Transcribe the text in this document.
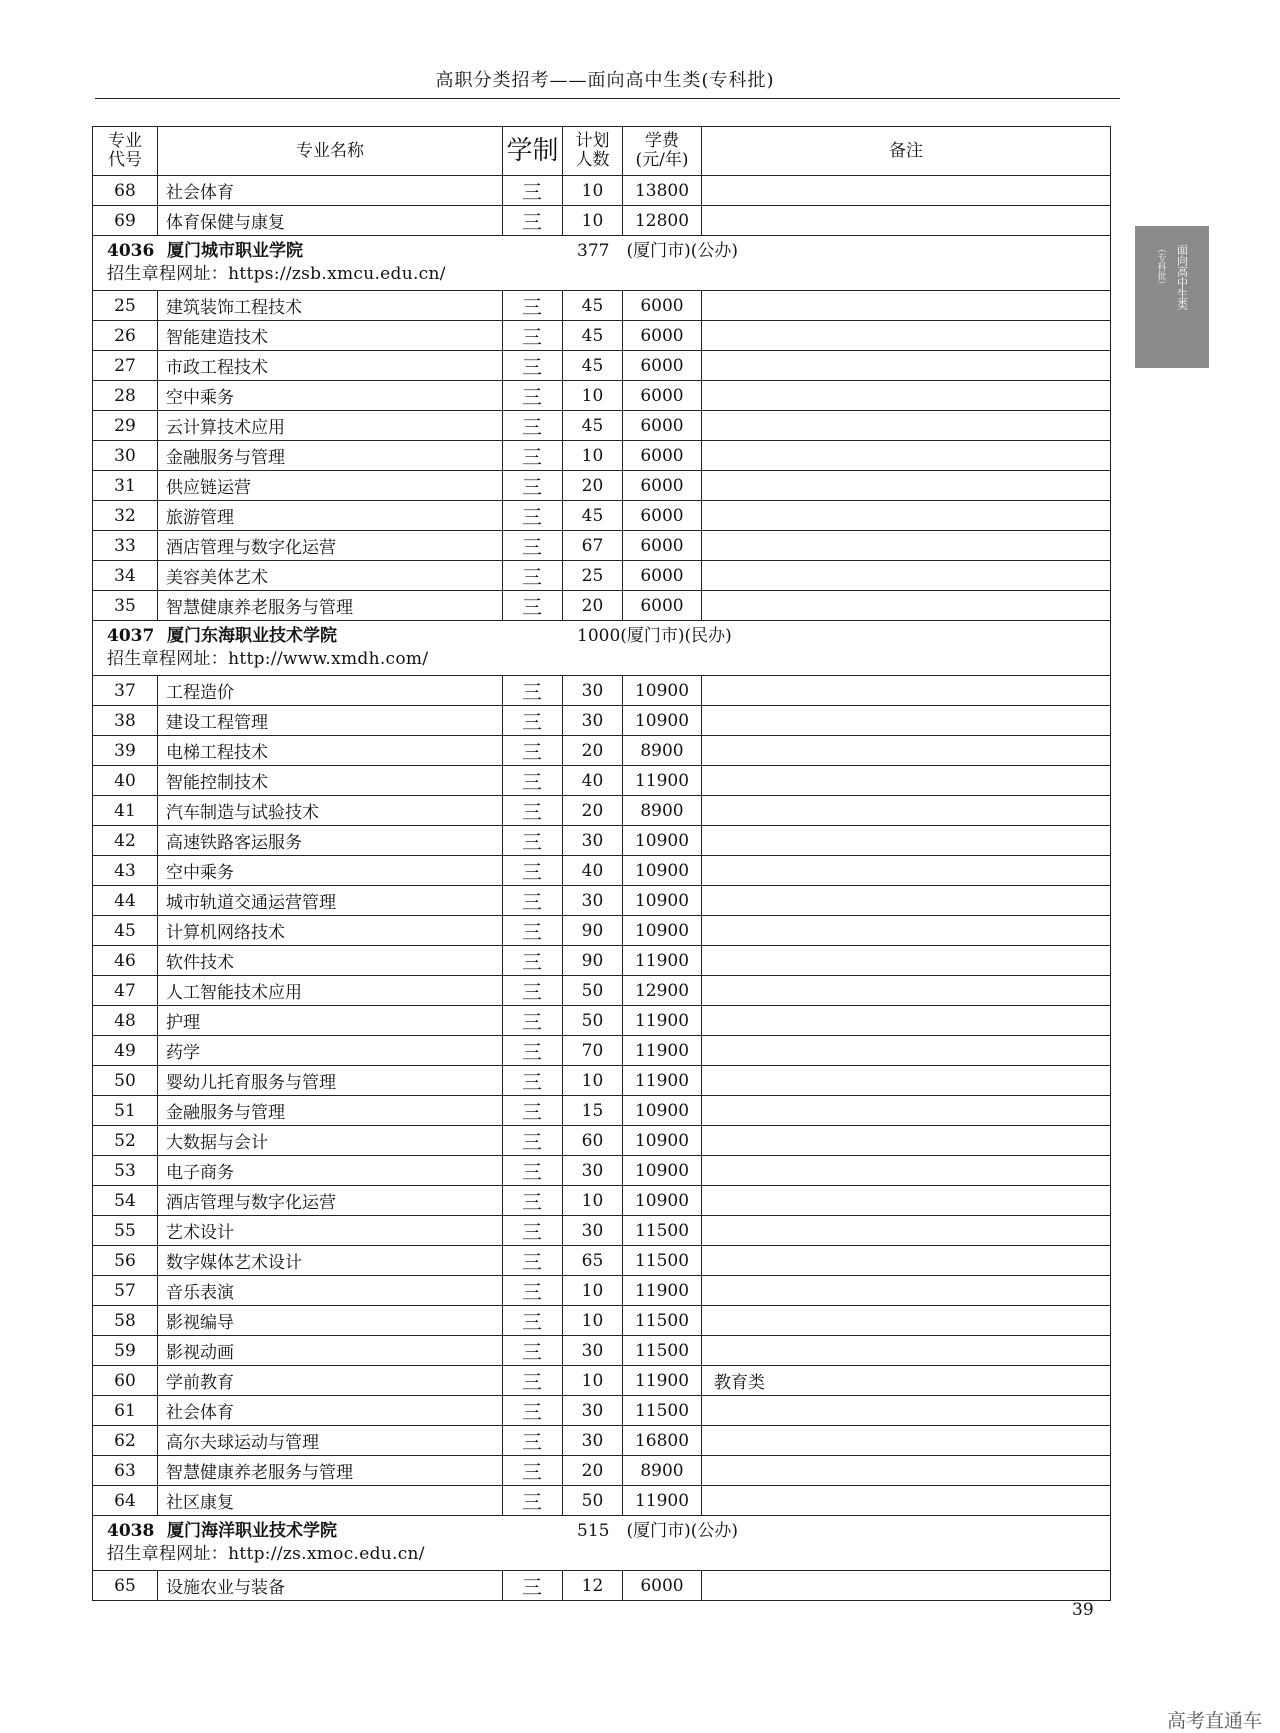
高职分类招考——面向高中生类(专科批)
面向高中生类
（专科批）
专业
代号	专业名称	学制	计划
人数	学费
(元/年)	备注
68	社会体育	三	10	13800	
69	体育保健与康复	三	10	12800	

4036 厦门城市职业学院 377　(厦门市)(公办)
招生章程网址：https://zsb.xmcu.edu.cn/					

25	建筑装饰工程技术	三	45	6000	
26	智能建造技术	三	45	6000	
27	市政工程技术	三	45	6000	
28	空中乘务	三	10	6000	
29	云计算技术应用	三	45	6000	
30	金融服务与管理	三	10	6000	
31	供应链运营	三	20	6000	
32	旅游管理	三	45	6000	
33	酒店管理与数字化运营	三	67	6000	
34	美容美体艺术	三	25	6000	
35	智慧健康养老服务与管理	三	20	6000	

4037 厦门东海职业技术学院 1000(厦门市)(民办)
招生章程网址：http://www.xmdh.com/					

37	工程造价	三	30	10900	
38	建设工程管理	三	30	10900	
39	电梯工程技术	三	20	8900	
40	智能控制技术	三	40	11900	
41	汽车制造与试验技术	三	20	8900	
42	高速铁路客运服务	三	30	10900	
43	空中乘务	三	40	10900	
44	城市轨道交通运营管理	三	30	10900	
45	计算机网络技术	三	90	10900	
46	软件技术	三	90	11900	
47	人工智能技术应用	三	50	12900	
48	护理	三	50	11900	
49	药学	三	70	11900	
50	婴幼儿托育服务与管理	三	10	11900	
51	金融服务与管理	三	15	10900	
52	大数据与会计	三	60	10900	
53	电子商务	三	30	10900	
54	酒店管理与数字化运营	三	10	10900	
55	艺术设计	三	30	11500	
56	数字媒体艺术设计	三	65	11500	
57	音乐表演	三	10	11900	
58	影视编导	三	10	11500	
59	影视动画	三	30	11500	
60	学前教育	三	10	11900	教育类
61	社会体育	三	30	11500	
62	高尔夫球运动与管理	三	30	16800	
63	智慧健康养老服务与管理	三	20	8900	
64	社区康复	三	50	11900	

4038 厦门海洋职业技术学院 515　(厦门市)(公办)
招生章程网址：http://zs.xmoc.edu.cn/					

65	设施农业与装备	三	12	6000	
39
高考直通车
